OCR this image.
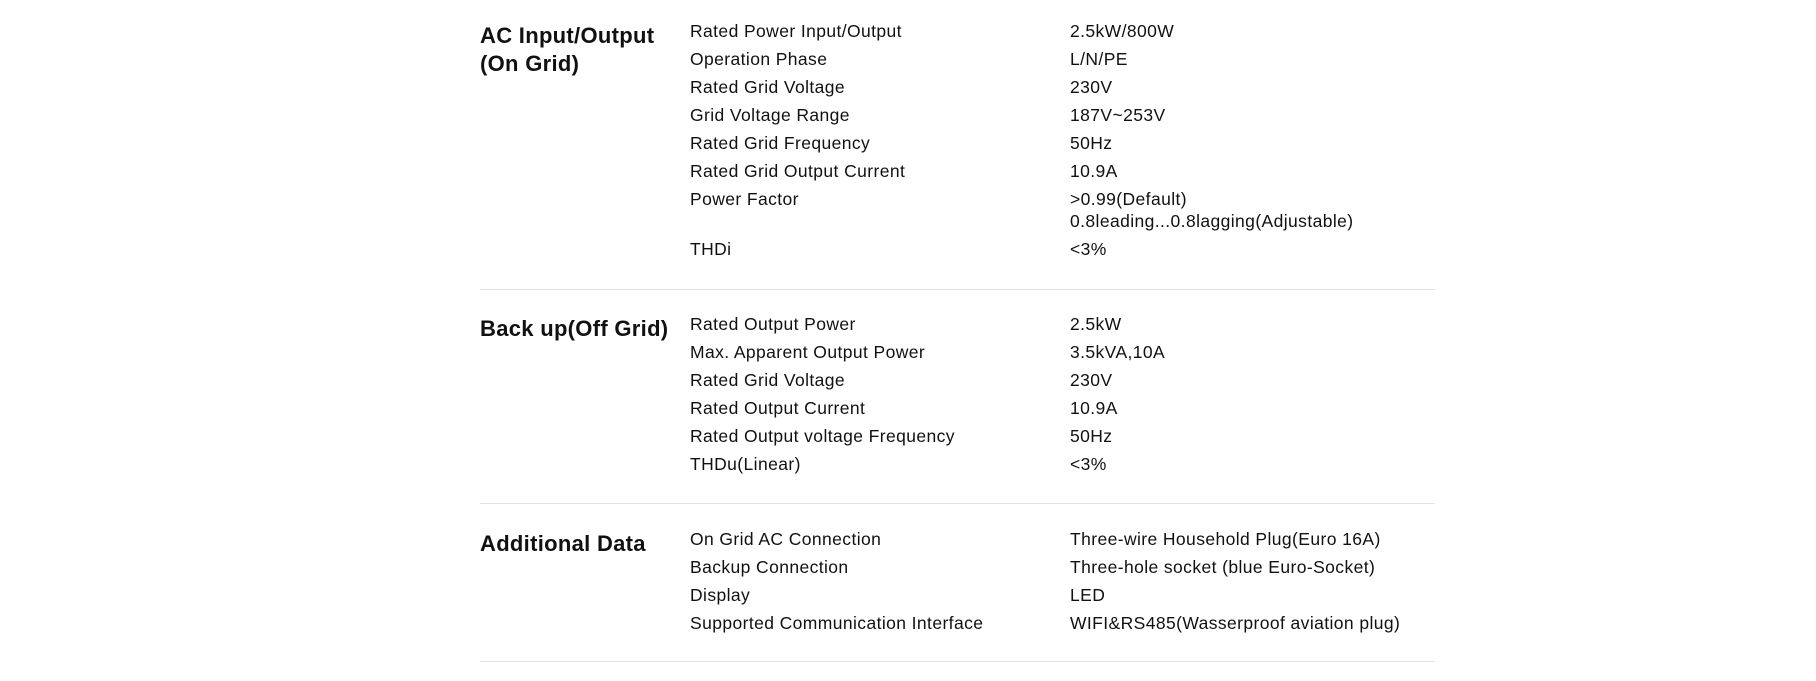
AC Input/Output (On Grid)
Rated Power Input/Output	2.5kW/800W
Operation Phase	L/N/PE
Rated Grid Voltage	230V
Grid Voltage Range	187V~253V
Rated Grid Frequency	50Hz
Rated Grid Output Current	10.9A
Power Factor	>0.99(Default) 0.8leading...0.8lagging(Adjustable)
THDi	<3%
Back up(Off Grid)	Rated Output Power	2.5kW
Max. Apparent Output Power	3.5kVA,10A
Rated Grid Voltage	230V
Rated Output Current	10.9A
Rated Output voltage Frequency	50Hz
THDu(Linear)	<3%
Additional Data	On Grid AC Connection	Three-wire Household Plug(Euro 16A)
Backup Connection	Three-hole socket (blue Euro-Socket)
Display	LED
Supported Communication Interface	WIFI&RS485(Wasserproof aviation plug)
